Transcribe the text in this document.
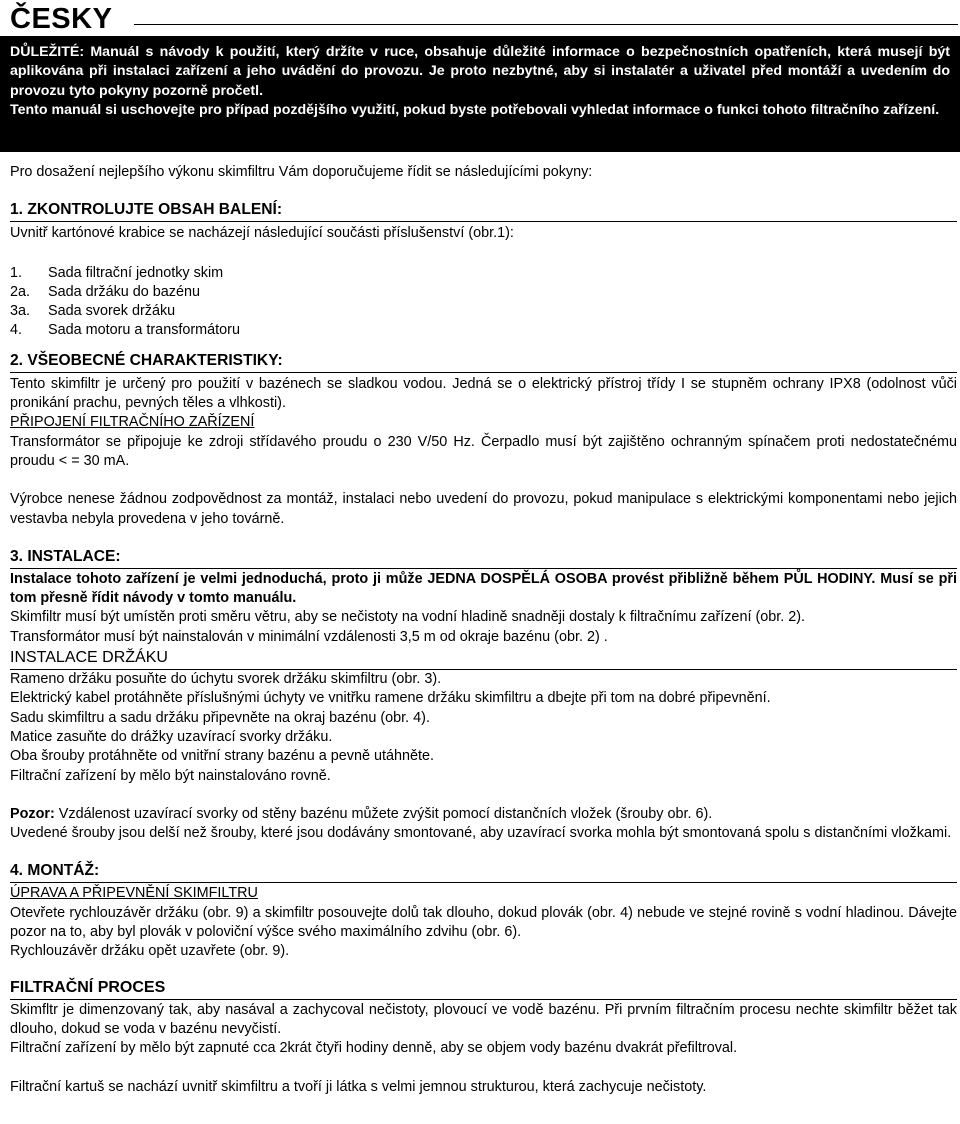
ČESKY

DŮLEŽITÉ: Manuál s návody k použití, který držíte v ruce, obsahuje důležité informace o bezpečnostních opatřeních, která musejí být aplikována při instalaci zařízení a jeho uvádění do provozu. Je proto nezbytné, aby si instalatér a uživatel před montáží a uvedením do provozu tyto pokyny pozorně pročetl.

Tento manuál si uschovejte pro případ pozdějšího využití, pokud byste potřebovali vyhledat informace o funkci tohoto filtračního zařízení.

Pro dosažení nejlepšího výkonu skimfiltru Vám doporučujeme řídit se následujícími pokyny:

1. ZKONTROLUJTE OBSAH BALENÍ:

Uvnitř kartónové krabice se nacházejí následující součásti příslušenství (obr.1):

1.	Sada filtrační jednotky skim
2a.	Sada držáku do bazénu
3a.	Sada svorek držáku
4.	Sada motoru a transformátoru
2. VŠEOBECNÉ CHARAKTERISTIKY:

Tento skimfiltr je určený pro použití v bazénech se sladkou vodou. Jedná se o elektrický přístroj třídy I se stupněm ochrany IPX8 (odolnost vůči pronikání prachu, pevných těles a vlhkosti).

PŘIPOJENÍ FILTRAČNÍHO ZAŘÍZENÍ

Transformátor se připojuje ke zdroji střídavého proudu o 230 V/50 Hz. Čerpadlo musí být zajištěno ochranným spínačem proti nedostatečnému proudu < = 30 mA.

Výrobce nenese žádnou zodpovědnost za montáž, instalaci nebo uvedení do provozu, pokud manipulace s elektrickými komponentami nebo jejich vestavba nebyla provedena v jeho továrně.

3. INSTALACE:

Instalace tohoto zařízení je velmi jednoduchá, proto ji může JEDNA DOSPĚLÁ OSOBA provést přibližně během PŮL HODINY. Musí se při tom přesně řídit návody v tomto manuálu.

Skimfiltr musí být umístěn proti směru větru, aby se nečistoty na vodní hladině snadněji dostaly k filtračnímu zařízení (obr. 2).

Transformátor musí být nainstalován v minimální vzdálenosti 3,5 m od okraje bazénu (obr. 2) .

INSTALACE DRŽÁKU

Rameno držáku posuňte do úchytu svorek držáku skimfiltru (obr. 3).

Elektrický kabel protáhněte příslušnými úchyty ve vnitřku ramene držáku skimfiltru a dbejte při tom na dobré připevnění.

Sadu skimfiltru a sadu držáku připevněte na okraj bazénu (obr. 4).

Matice zasuňte do drážky uzavírací svorky držáku.

Oba šrouby protáhněte od vnitřní strany bazénu a pevně utáhněte.

Filtrační zařízení by mělo být nainstalováno rovně.

Pozor: Vzdálenost uzavírací svorky od stěny bazénu můžete zvýšit pomocí distančních vložek (šrouby obr. 6).

Uvedené šrouby jsou delší než šrouby, které jsou dodávány smontované, aby uzavírací svorka mohla být smontovaná spolu s distančními vložkami.

4. MONTÁŽ:

ÚPRAVA A PŘIPEVNĚNÍ SKIMFILTRU

Otevřete rychlouzávěr držáku (obr. 9) a skimfiltr posouvejte dolů tak dlouho, dokud plovák (obr. 4) nebude ve stejné rovině s vodní hladinou. Dávejte pozor na to, aby byl plovák v poloviční výšce svého maximálního zdvihu (obr. 6).

Rychlouzávěr držáku opět uzavřete (obr. 9).

FILTRAČNÍ PROCES

Skimfltr je dimenzovaný tak, aby nasával a zachycoval nečistoty, plovoucí ve vodě bazénu. Při prvním filtračním procesu nechte skimfiltr běžet tak dlouho, dokud se voda v bazénu nevyčistí.

Filtrační zařízení by mělo být zapnuté cca 2krát čtyři hodiny denně, aby se objem vody bazénu dvakrát přefiltroval.

Filtrační kartuš se nachází uvnitř skimfiltru a tvoří ji látka s velmi jemnou strukturou, která zachycuje nečistoty.
